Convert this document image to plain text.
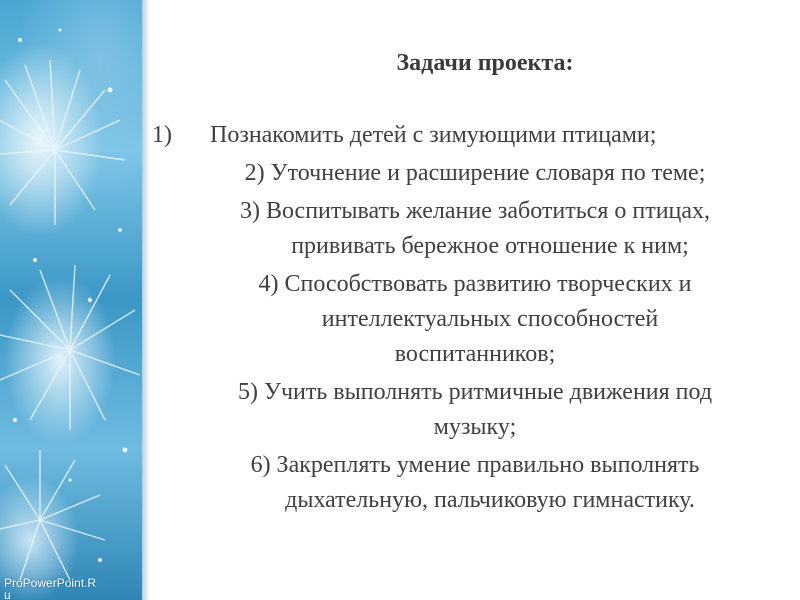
ProPowerPoint.R
u
Задачи проекта:
1) Познакомить детей с зимующими птицами;
2) Уточнение и расширение словаря по теме;
3) Воспитывать желание заботиться о птицах,
прививать бережное отношение к ним;
4) Способствовать развитию творческих и
интеллектуальных способностей
воспитанников;
5) Учить выполнять ритмичные движения под
музыку;
6) Закреплять умение правильно выполнять
дыхательную, пальчиковую гимнастику.
